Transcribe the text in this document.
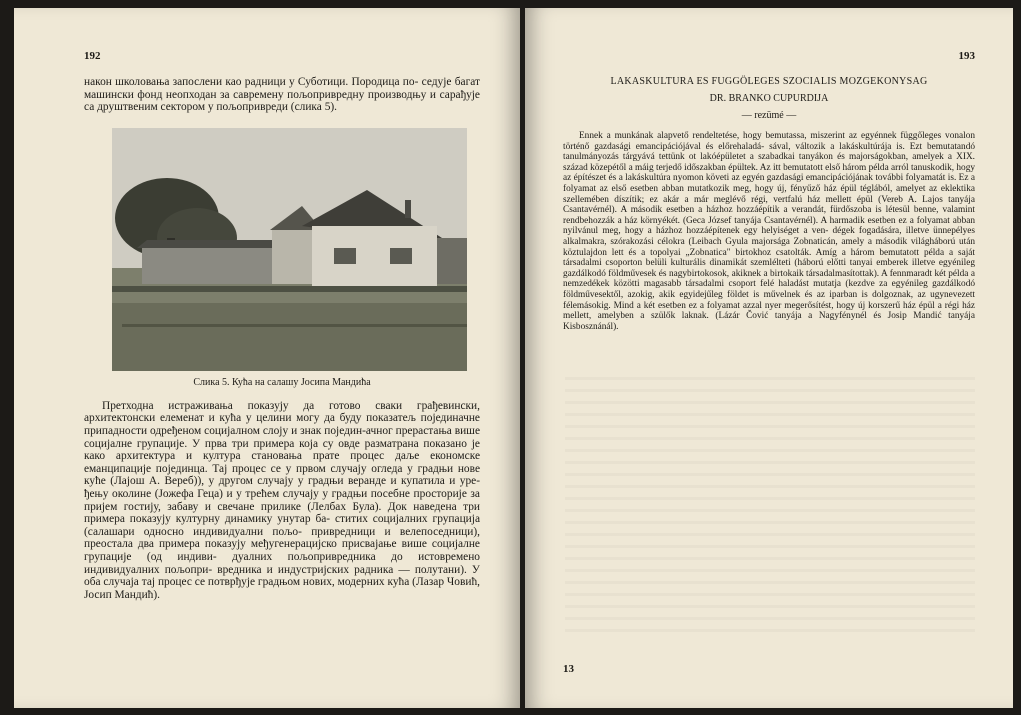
192

након школовања запослени као радници у Суботици. Породица по- седује багат машински фонд неопходан за савремену пољопривредну производњу и сарађује са друштвеним сектором у пољопривреди (слика 5).

Слика 5. Кућа на салашу Јосипа Мандића

Претходна истраживања показују да готово сваки грађевински, архитектонски елеменат и кућа у целини могу да буду показатељ појединачне припадности одређеном социјалном слоју и знак поједин-ачног прерастања више социјалне групације. У прва три примера која су овде разматрана показано је како архитектура и култура становања прате процес даље економске еманципације појединца. Тај процес се у првом случају огледа у градњи нове куће (Лајош А. Вереб)), у другом случају у градњи веранде и купатила и уре- ђењу околине (Јожефа Геца) и у трећем случају у градњи посебне просторије за пријем гостију, забаву и свечане прилике (Лелбах Була). Док наведена три примера показују културну динамику унутар ба- ститих социјалних групација (салашари односно индивидуални пољо- привредници и велепоседници), преостала два примера показују међугенерацијско присвајање више социјалне групације (од индиви- дуалних пољопривредника до истовременo индивидуалних пољопри- вредника и индустријских радника — полутани). У оба случаја тај процес се потврђује градњом нових, модерних кућа (Лазар Човић, Јосип Мандић).

193
LAKASKULTURA ES FUGGÖLEGES SZOCIALIS MOZGEKONYSAG
DR. BRANKO CUPURDIJA
— rezümé —

Ennek a munkának alapvető rendeltetése, hogy bemutassa, miszerint az egyénnek függőleges vonalon történő gazdasági emancipációjával és előrehaladá- sával, változik a lakáskultúrája is. Ezt bemutatandó tanulmányozás tárgyává tettünk ot lakóépületet a szabadkai tanyákon és majorságokban, amelyek a XIX. század közepétől a máig terjedő időszakban épültek. Az itt bemutatott első három példa arról tanuskodik, hogy az építészet és a lakáskultúra nyomon követi az egyén gazdasági emancipációjának további folyamatát is. Ez a folyamat az első esetben abban mutatkozik meg, hogy új, fényűző ház épül téglából, amelyet az eklektika szellemében díszítik; ez akár a már meglévő régi, vertfalú ház mellett épül (Vereb A. Lajos tanyája Csantavérnél). A második esetben a házhoz hozzáépítik a verandát, fürdőszoba is létesül benne, valamint rendbehozzák a ház környékét. (Geca József tanyája Csantavérnél). A harmadik esetben ez a folyamat abban nyilvánul meg, hogy a házhoz hozzáépítenek egy helyiséget a ven- dégek fogadására, illetve ünnepélyes alkalmakra, szórakozási célokra (Leibach Gyula majorsága Zobnaticán, amely a második világháború után köztulajdon lett és a topolyai „Zobnatica" birtokhoz csatolták. Amíg a három bemutatott példa a saját társadalmi csoporton belüli kulturális dinamikát szemlélteti (háború előtti tanyai emberek illetve egyénileg gazdálkodó földművesek és nagybirtokosok, akiknek a birtokaik társadalmasítottak). A fennmaradt két példa a nemzedékek közötti magasabb társadalmi csoport felé haladást mutatja (kezdve za egyénileg gazdálkodó földművesektől, azokig, akik egyidejűleg földet is művelnek és az iparban is dolgoznak, az ugynevezett félemásokig. Mind a két esetben ez a folyamat azzal nyer megerősítést, hogy új korszerű ház épül a régi ház mellett, amelyben a szülők laknak. (Lázár Čović tanyája a Nagyfénynél és Josip Mandić tanyája Kisbosznánál).

13
